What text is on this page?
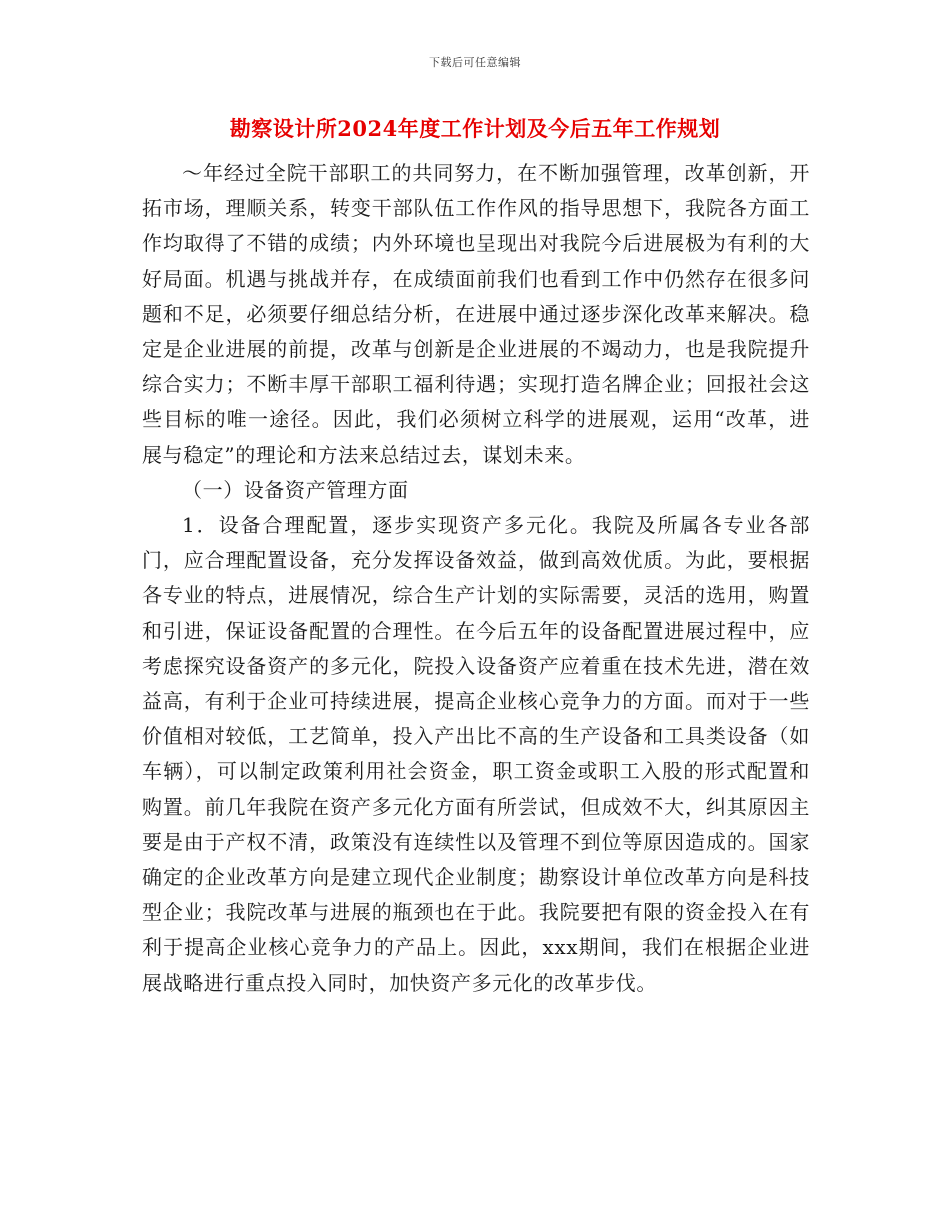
下载后可任意编辑
勘察设计所2024年度工作计划及今后五年工作规划

～年经过全院干部职工的共同努力，在不断加强管理，改革创新，开拓市场，理顺关系，转变干部队伍工作作风的指导思想下，我院各方面工作均取得了不错的成绩；内外环境也呈现出对我院今后进展极为有利的大好局面。机遇与挑战并存，在成绩面前我们也看到工作中仍然存在很多问题和不足，必须要仔细总结分析，在进展中通过逐步深化改革来解决。稳定是企业进展的前提，改革与创新是企业进展的不竭动力，也是我院提升综合实力；不断丰厚干部职工福利待遇；实现打造名牌企业；回报社会这些目标的唯一途径。因此，我们必须树立科学的进展观，运用“改革，进展与稳定”的理论和方法来总结过去，谋划未来。

（一）设备资产管理方面

1．设备合理配置，逐步实现资产多元化。我院及所属各专业各部门，应合理配置设备，充分发挥设备效益，做到高效优质。为此，要根据各专业的特点，进展情况，综合生产计划的实际需要，灵活的选用，购置和引进，保证设备配置的合理性。在今后五年的设备配置进展过程中，应考虑探究设备资产的多元化，院投入设备资产应着重在技术先进，潜在效益高，有利于企业可持续进展，提高企业核心竞争力的方面。而对于一些价值相对较低，工艺简单，投入产出比不高的生产设备和工具类设备（如车辆），可以制定政策利用社会资金，职工资金或职工入股的形式配置和购置。前几年我院在资产多元化方面有所尝试，但成效不大，纠其原因主要是由于产权不清，政策没有连续性以及管理不到位等原因造成的。国家确定的企业改革方向是建立现代企业制度；勘察设计单位改革方向是科技型企业；我院改革与进展的瓶颈也在于此。我院要把有限的资金投入在有利于提高企业核心竞争力的产品上。因此，xxx期间，我们在根据企业进展战略进行重点投入同时，加快资产多元化的改革步伐。
